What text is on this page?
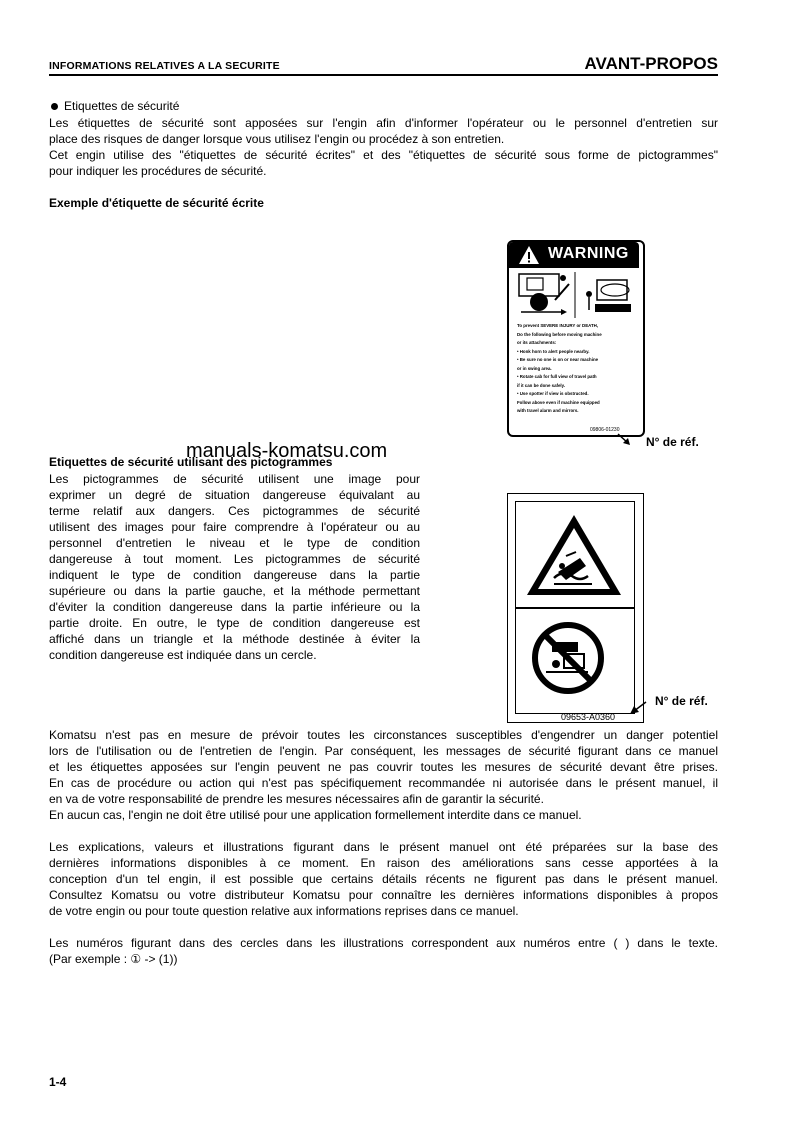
INFORMATIONS RELATIVES A LA SECURITE	AVANT-PROPOS
Etiquettes de sécurité
Les étiquettes de sécurité sont apposées sur l'engin afin d'informer l'opérateur ou le personnel d'entretien sur
place des risques de danger lorsque vous utilisez l'engin ou procédez à son entretien.
Cet engin utilise des "étiquettes de sécurité écrites" et des "étiquettes de sécurité sous forme de pictogrammes"
pour indiquer les procédures de sécurité.
Exemple d'étiquette de sécurité écrite
WARNING
To prevent SEVERE INJURY or DEATH,
Do the following before moving machine
or its attachments:
• Honk horn to alert people nearby.
• Be sure no one is on or near machine
or in swing area.
• Rotate cab for full view of travel path
if it can be done safely.
• Use spotter if view is obstructed.
Follow above even if machine equipped
with travel alarm and mirrors.
09806-01230
N° de réf.
manuals-komatsu.com
Etiquettes de sécurité utilisant des pictogrammes
Les pictogrammes de sécurité utilisent une image pour
exprimer un degré de situation dangereuse équivalant au
terme relatif aux dangers. Ces pictogrammes de sécurité
utilisent des images pour faire comprendre à l'opérateur ou au
personnel d'entretien le niveau et le type de condition
dangereuse à tout moment. Les pictogrammes de sécurité
indiquent le type de condition dangereuse dans la partie
supérieure ou dans la partie gauche, et la méthode permettant
d'éviter la condition dangereuse dans la partie inférieure ou la
partie droite. En outre, le type de condition dangereuse est
affiché dans un triangle et la méthode destinée à éviter la
condition dangereuse est indiquée dans un cercle.
09653-A0360
N° de réf.
Komatsu n'est pas en mesure de prévoir toutes les circonstances susceptibles d'engendrer un danger potentiel
lors de l'utilisation ou de l'entretien de l'engin. Par conséquent, les messages de sécurité figurant dans ce manuel
et les étiquettes apposées sur l'engin peuvent ne pas couvrir toutes les mesures de sécurité devant être prises.
En cas de procédure ou action qui n'est pas spécifiquement recommandée ni autorisée dans le présent manuel, il
en va de votre responsabilité de prendre les mesures nécessaires afin de garantir la sécurité.
En aucun cas, l'engin ne doit être utilisé pour une application formellement interdite dans ce manuel.
Les explications, valeurs et illustrations figurant dans le présent manuel ont été préparées sur la base des
dernières informations disponibles à ce moment. En raison des améliorations sans cesse apportées à la
conception d'un tel engin, il est possible que certains détails récents ne figurent pas dans le présent manuel.
Consultez Komatsu ou votre distributeur Komatsu pour connaître les dernières informations disponibles à propos
de votre engin ou pour toute question relative aux informations reprises dans ce manuel.
Les numéros figurant dans des cercles dans les illustrations correspondent aux numéros entre ( ) dans le texte.
(Par exemple : ① -> (1))
1-4
